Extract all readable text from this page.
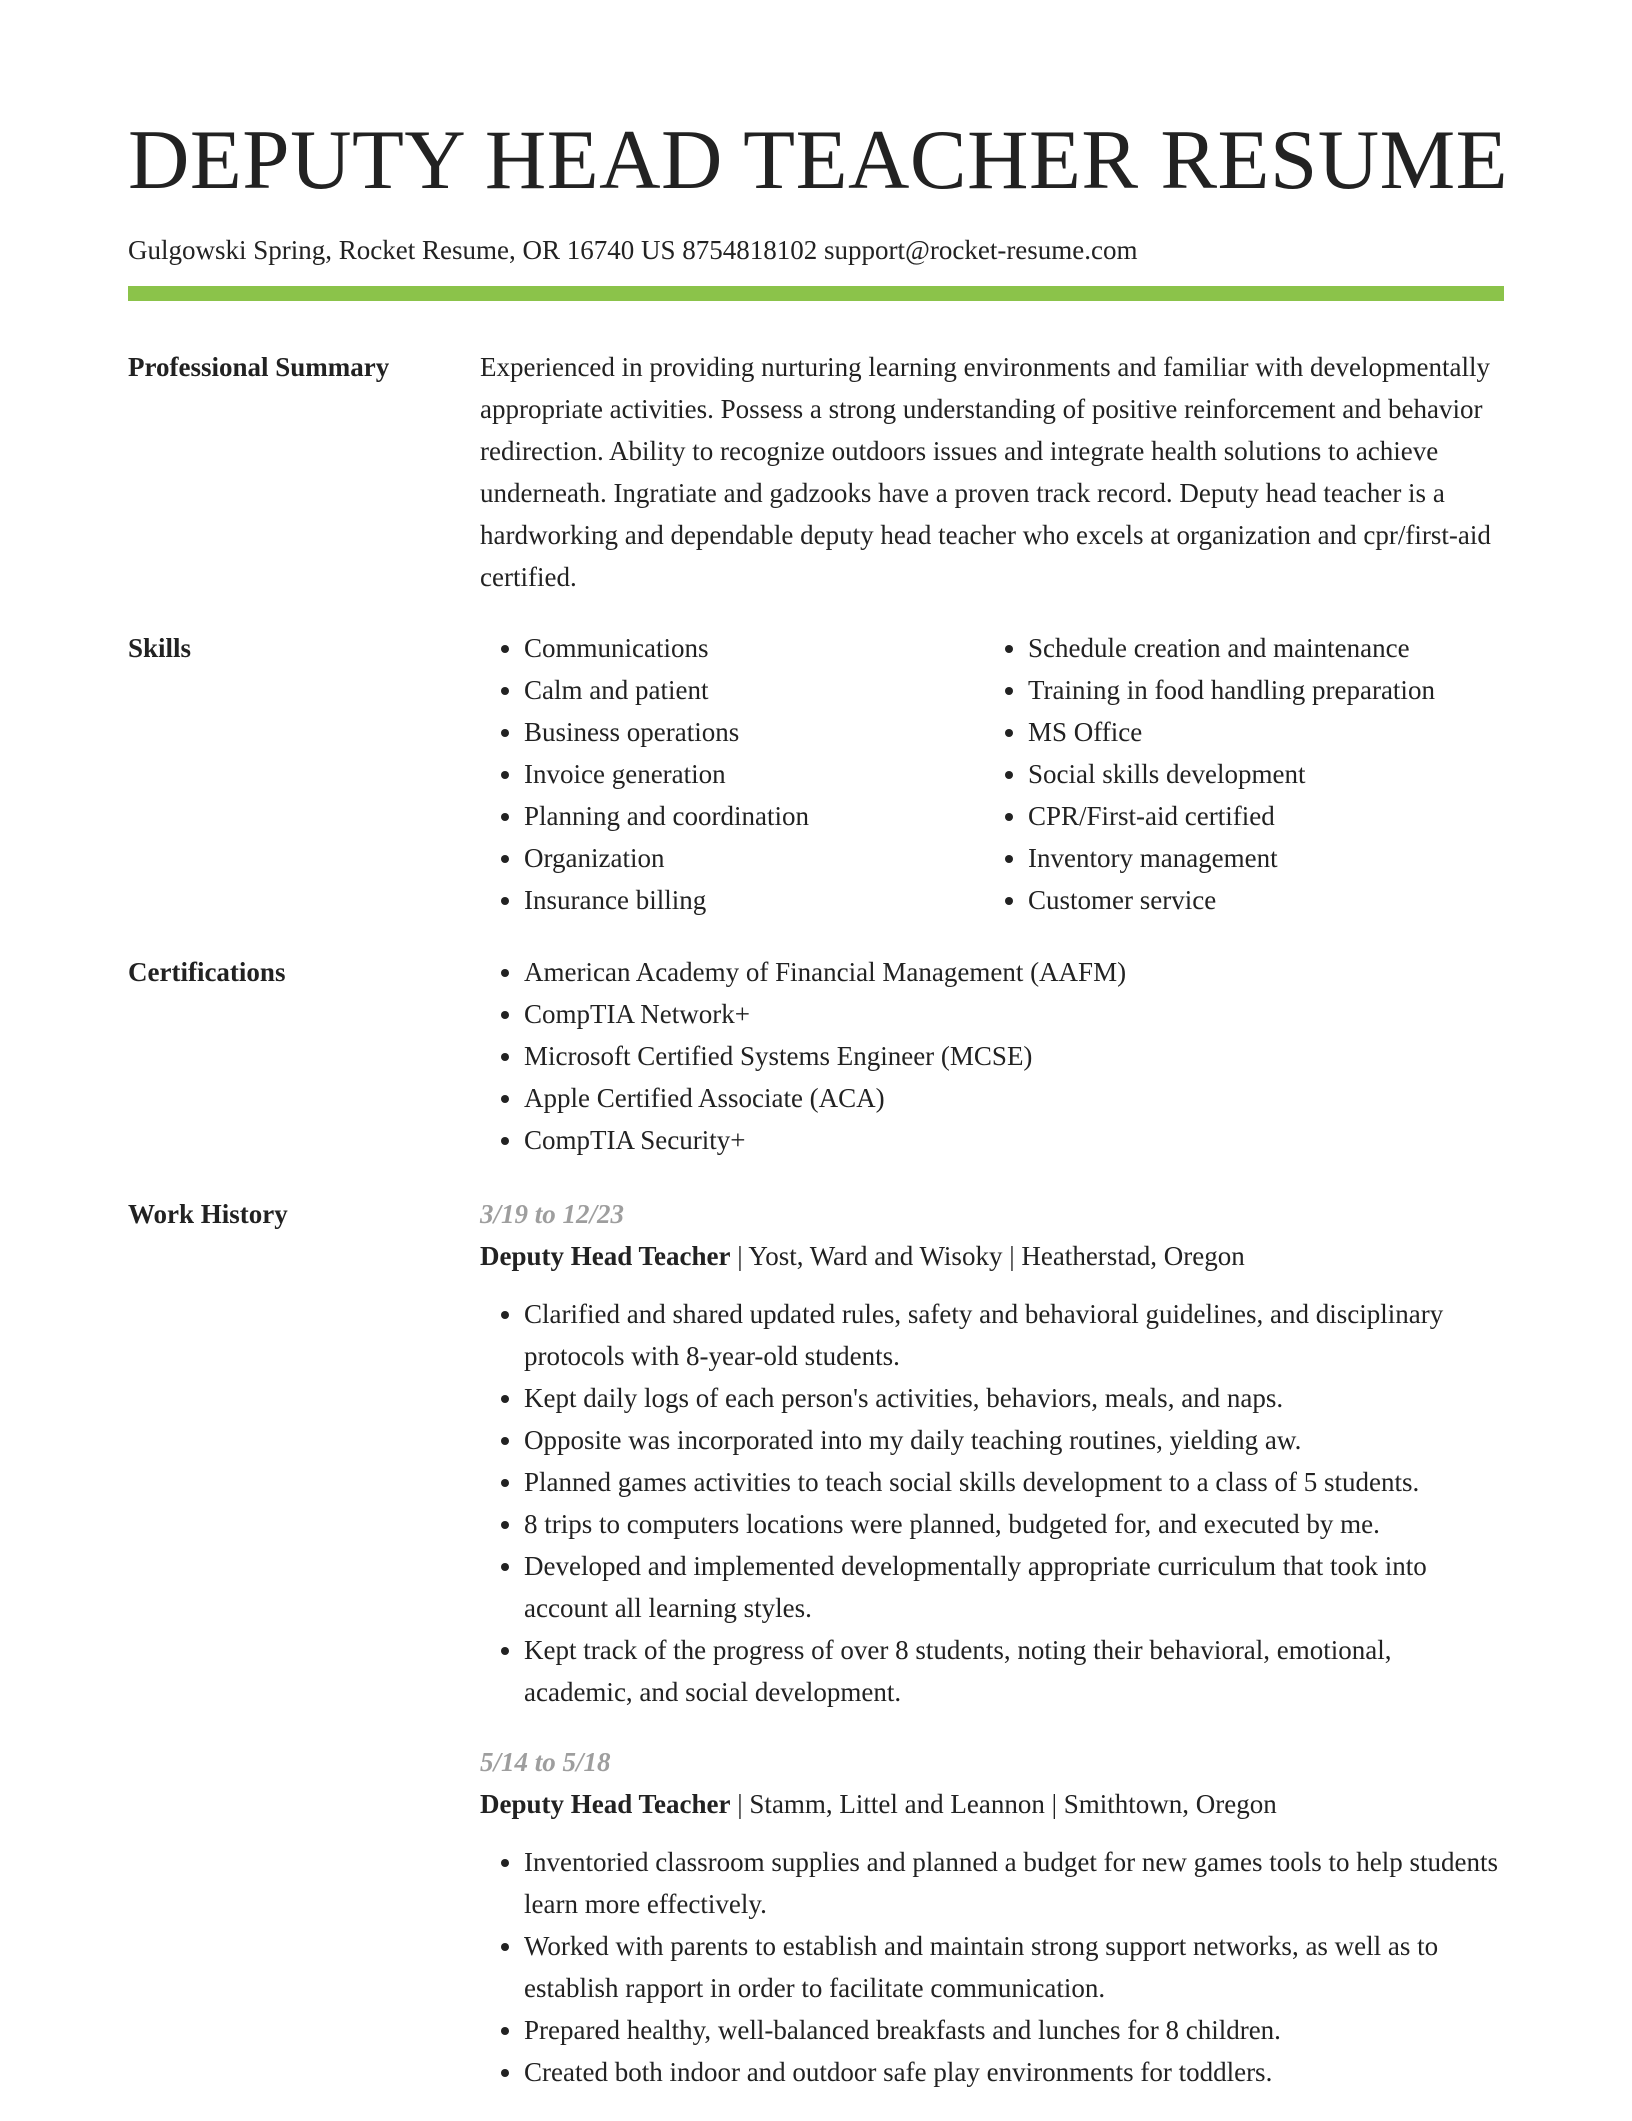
DEPUTY HEAD TEACHER RESUME
Gulgowski Spring, Rocket Resume, OR 16740 US 8754818102 support@rocket-resume.com
Professional Summary	Experienced in providing nurturing learning environments and familiar with developmentally appropriate activities. Possess a strong understanding of positive reinforcement and behavior redirection. Ability to recognize outdoors issues and integrate health solutions to achieve underneath. Ingratiate and gadzooks have a proven track record. Deputy head teacher is a hardworking and dependable deputy head teacher who excels at organization and cpr/first-aid certified.

Skills	• Communications
• Calm and patient
• Business operations
• Invoice generation
• Planning and coordination
• Organization
• Insurance billing
• Schedule creation and maintenance
• Training in food handling preparation
• MS Office
• Social skills development
• CPR/First-aid certified
• Inventory management
• Customer service
Certifications	• American Academy of Financial Management (AAFM)
• CompTIA Network+
• Microsoft Certified Systems Engineer (MCSE)
• Apple Certified Associate (ACA)
• CompTIA Security+
Work History	3/19 to 12/23
Deputy Head Teacher | Yost, Ward and Wisoky | Heatherstad, Oregon
• Clarified and shared updated rules, safety and behavioral guidelines, and disciplinary protocols with 8-year-old students.
• Kept daily logs of each person's activities, behaviors, meals, and naps.
• Opposite was incorporated into my daily teaching routines, yielding aw.
• Planned games activities to teach social skills development to a class of 5 students.
• 8 trips to computers locations were planned, budgeted for, and executed by me.
• Developed and implemented developmentally appropriate curriculum that took into account all learning styles.
• Kept track of the progress of over 8 students, noting their behavioral, emotional, academic, and social development.
5/14 to 5/18
Deputy Head Teacher | Stamm, Littel and Leannon | Smithtown, Oregon
• Inventoried classroom supplies and planned a budget for new games tools to help students learn more effectively.
• Worked with parents to establish and maintain strong support networks, as well as to establish rapport in order to facilitate communication.
• Prepared healthy, well-balanced breakfasts and lunches for 8 children.
• Created both indoor and outdoor safe play environments for toddlers.
